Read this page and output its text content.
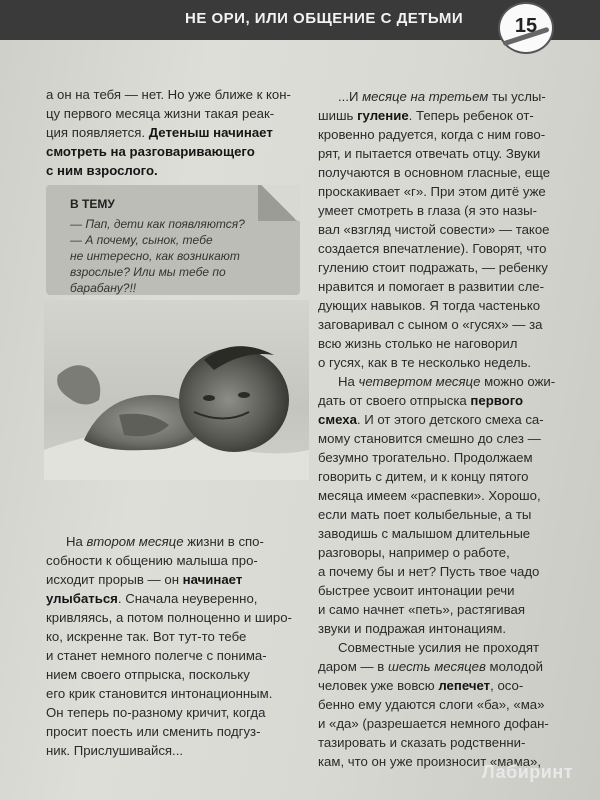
НЕ ОРИ, ИЛИ ОБЩЕНИЕ С ДЕТЬМИ	15
а он на тебя — нет. Но уже ближе к кон-
цу первого месяца жизни такая реак-
ция появляется. Детеныш начинает
смотреть на разговаривающего
с ним взрослого.
В ТЕМУ
— Пап, дети как появляются?
— А почему, сынок, тебе
не интересно, как возникают
взрослые? Или мы тебе по
барабану?!!
На втором месяце жизни в спо-
собности к общению малыша про-
исходит прорыв — он начинает
улыбаться. Сначала неуверенно,
кривляясь, а потом полноценно и широ-
ко, искренне так. Вот тут-то тебе
и станет немного полегче с понима-
нием своего отпрыска, поскольку
его крик становится интонационным.
Он теперь по-разному кричит, когда
просит поесть или сменить подгуз-
ник. Прислушивайся...
...И месяце на третьем ты услы-
шишь гуление. Теперь ребенок от-
кровенно радуется, когда с ним гово-
рят, и пытается отвечать отцу. Звуки
получаются в основном гласные, еще
проскакивает «г». При этом дитё уже
умеет смотреть в глаза (я это назы-
вал «взгляд чистой совести» — такое
создается впечатление). Говорят, что
гулению стоит подражать, — ребенку
нравится и помогает в развитии сле-
дующих навыков. Я тогда частенько
заговаривал с сыном о «гусях» — за
всю жизнь столько не наговорил
о гусях, как в те несколько недель.
На четвертом месяце можно ожи-
дать от своего отпрыска первого
смеха. И от этого детского смеха са-
мому становится смешно до слез —
безумно трогательно. Продолжаем
говорить с дитем, и к концу пятого
месяца имеем «распевки». Хорошо,
если мать поет колыбельные, а ты
заводишь с малышом длительные
разговоры, например о работе,
а почему бы и нет? Пусть твое чадо
быстрее усвоит интонации речи
и само начнет «петь», растягивая
звуки и подражая интонациям.
Совместные усилия не проходят
даром — в шесть месяцев молодой
человек уже вовсю лепечет, осо-
бенно ему удаются слоги «ба», «ма»
и «да» (разрешается немного дофан-
тазировать и сказать родственни-
кам, что он уже произносит «мама»,
Лабиринт
